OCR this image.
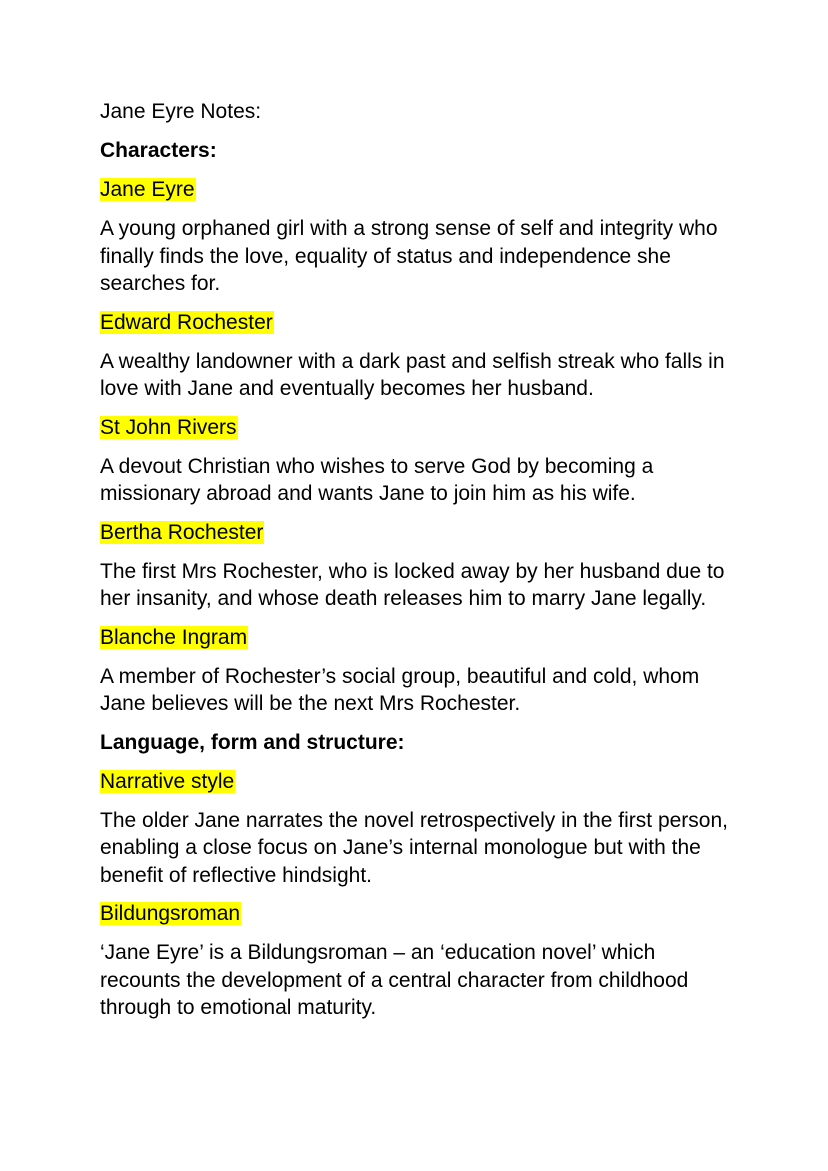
Jane Eyre Notes:
Characters:
Jane Eyre
A young orphaned girl with a strong sense of self and integrity who finally finds the love, equality of status and independence she searches for.
Edward Rochester
A wealthy landowner with a dark past and selfish streak who falls in love with Jane and eventually becomes her husband.
St John Rivers
A devout Christian who wishes to serve God by becoming a missionary abroad and wants Jane to join him as his wife.
Bertha Rochester
The first Mrs Rochester, who is locked away by her husband due to her insanity, and whose death releases him to marry Jane legally.
Blanche Ingram
A member of Rochester’s social group, beautiful and cold, whom Jane believes will be the next Mrs Rochester.
Language, form and structure:
Narrative style
The older Jane narrates the novel retrospectively in the first person, enabling a close focus on Jane’s internal monologue but with the benefit of reflective hindsight.
Bildungsroman
‘Jane Eyre’ is a Bildungsroman – an ‘education novel’ which recounts the development of a central character from childhood through to emotional maturity.
